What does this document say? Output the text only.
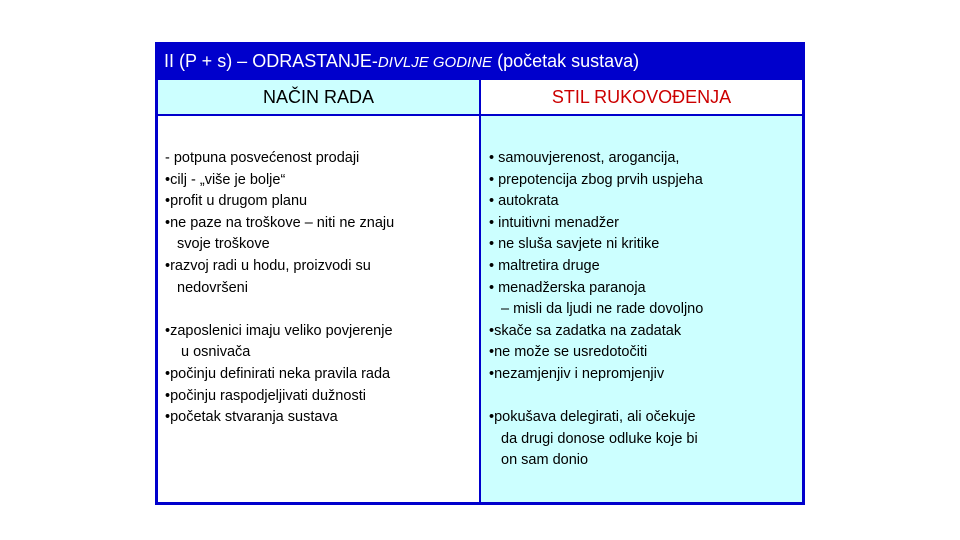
II (P + s) – ODRASTANJE-DIVLJE GODINE (početak sustava)
NAČIN RADA	STIL RUKOVOĐENJA
- potpuna posvećenost prodaji
•cilj - „više je bolje“
•profit u drugom planu
•ne paze na troškove – niti ne znaju
svoje troškove
•razvoj radi u hodu, proizvodi su
nedovršeni
•zaposlenici imaju veliko povjerenje
u osnivača
•počinju definirati neka pravila rada
•počinju raspodjeljivati dužnosti
•početak stvaranja sustava
• samouvjerenost, arogancija,
• prepotencija zbog prvih uspjeha
• autokrata
• intuitivni menadžer
• ne sluša savjete ni kritike
• maltretira druge
• menadžerska paranoja
– misli da ljudi ne rade dovoljno
•skače sa zadatka na zadatak
•ne može se usredotočiti
•nezamjenjiv i nepromjenjiv
•pokušava delegirati, ali očekuje
da drugi donose odluke koje bi
on sam donio
